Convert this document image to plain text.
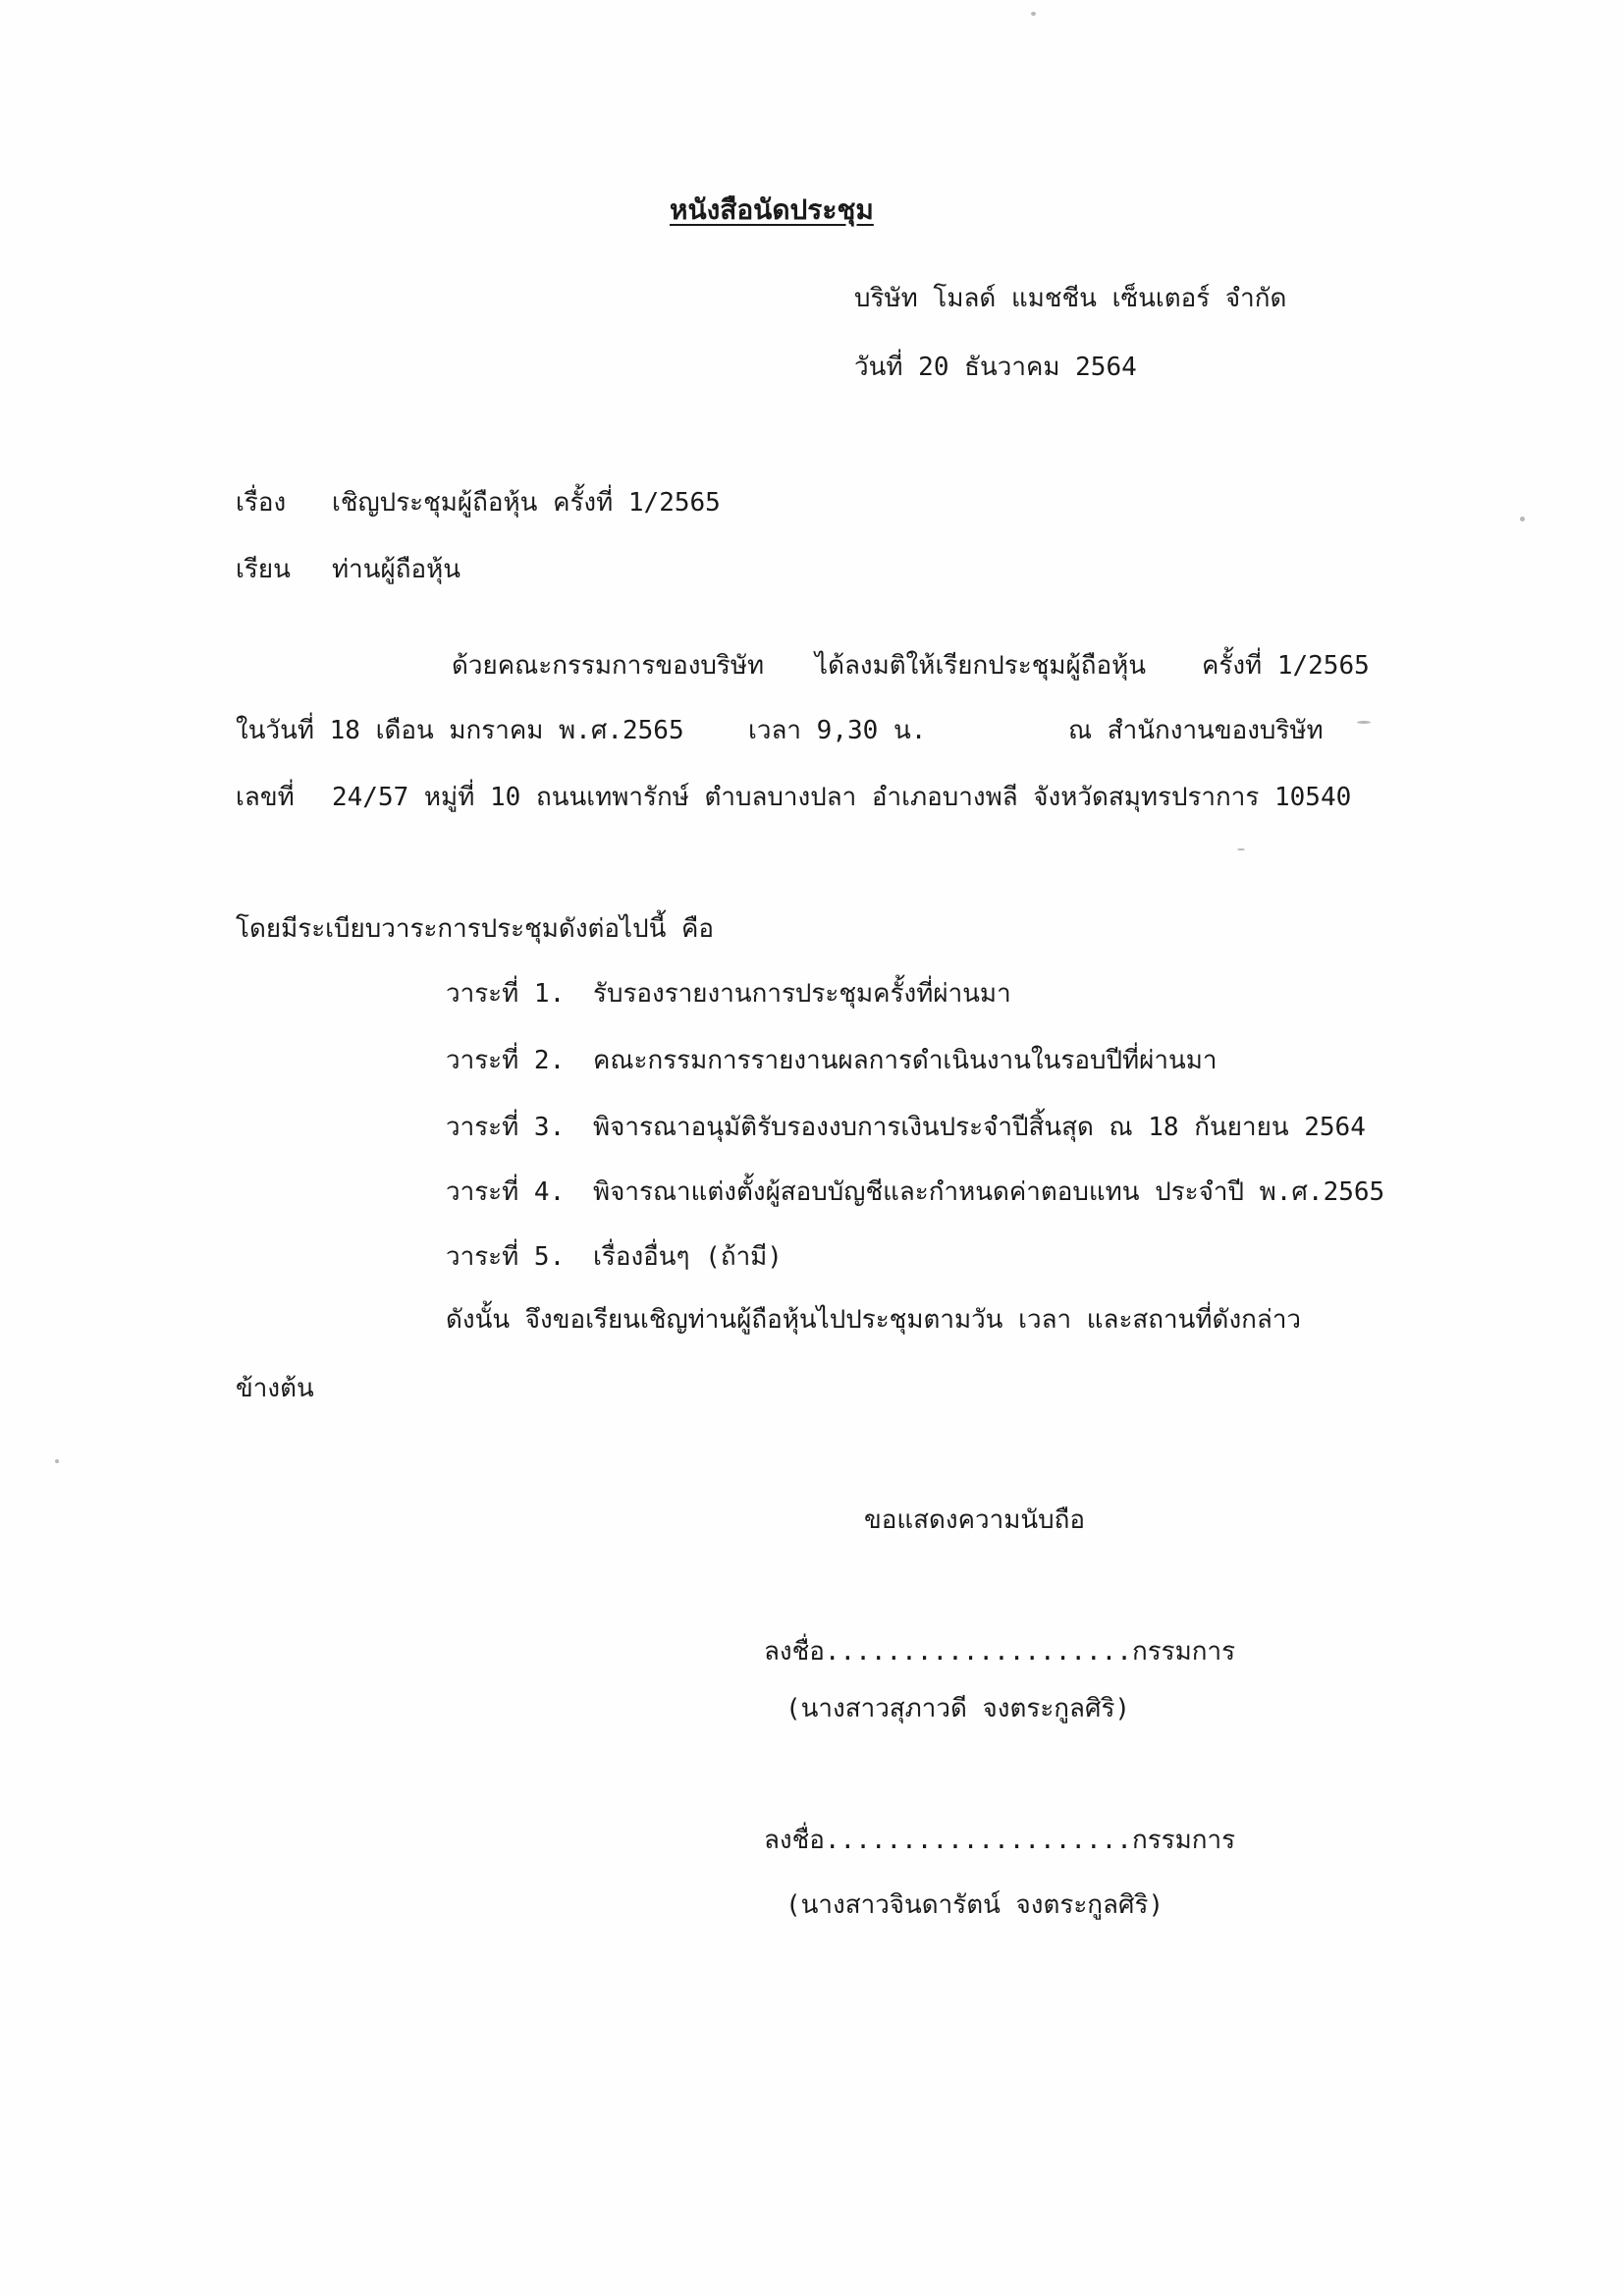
หนังสือนัดประชุม
บริษัท โมลด์ แมชชีน เซ็นเตอร์ จำกัด
วันที่ 20 ธันวาคม 2564
เรื่อง เชิญประชุมผู้ถือหุ้น ครั้งที่ 1/2565
เรียน ท่านผู้ถือหุ้น
ด้วยคณะกรรมการของบริษัท ได้ลงมติให้เรียกประชุมผู้ถือหุ้น ครั้งที่ 1/2565
ในวันที่ 18 เดือน มกราคม พ.ศ.2565	เวลา 9,30 น.	ณ สำนักงานของบริษัท
เลขที่ 24/57 หมู่ที่ 10 ถนนเทพารักษ์ ตำบลบางปลา อำเภอบางพลี จังหวัดสมุทรปราการ 10540
โดยมีระเบียบวาระการประชุมดังต่อไปนี้ คือ
วาระที่ 1. รับรองรายงานการประชุมครั้งที่ผ่านมา
วาระที่ 2. คณะกรรมการรายงานผลการดำเนินงานในรอบปีที่ผ่านมา
วาระที่ 3. พิจารณาอนุมัติรับรองงบการเงินประจำปีสิ้นสุด ณ 18 กันยายน 2564
วาระที่ 4. พิจารณาแต่งตั้งผู้สอบบัญชีและกำหนดค่าตอบแทน ประจำปี พ.ศ.2565
วาระที่ 5. เรื่องอื่นๆ (ถ้ามี)
ดังนั้น จึงขอเรียนเชิญท่านผู้ถือหุ้นไปประชุมตามวัน เวลา และสถานที่ดังกล่าว
ข้างต้น
ขอแสดงความนับถือ
ลงชื่อ....................กรรมการ
(นางสาวสุภาวดี จงตระกูลศิริ)
ลงชื่อ....................กรรมการ
(นางสาวจินดารัตน์ จงตระกูลศิริ)
